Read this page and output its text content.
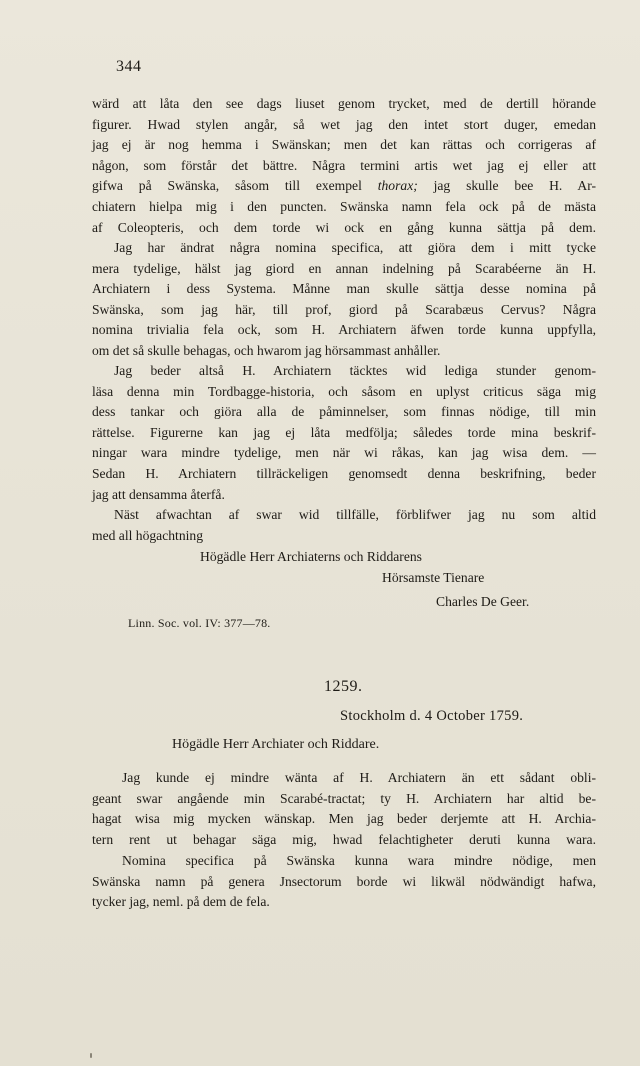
344
wärd att låta den see dags liuset genom trycket, med de dertill hörande
figurer. Hwad stylen angår, så wet jag den intet stort duger, emedan
jag ej är nog hemma i Swänskan; men det kan rättas och corrigeras af
någon, som förstår det bättre. Några termini artis wet jag ej eller att
gifwa på Swänska, såsom till exempel thorax; jag skulle bee H. Ar-
chiatern hielpa mig i den puncten. Swänska namn fela ock på de mästa
af Coleopteris, och dem torde wi ock en gång kunna sättja på dem.
Jag har ändrat några nomina specifica, att giöra dem i mitt tycke
mera tydelige, hälst jag giord en annan indelning på Scarabéerne än H.
Archiatern i dess Systema. Månne man skulle sättja desse nomina på
Swänska, som jag här, till prof, giord på Scarabæus Cervus? Några
nomina trivialia fela ock, som H. Archiatern äfwen torde kunna uppfylla,
om det så skulle behagas, och hwarom jag hörsammast anhåller.
Jag beder altså H. Archiatern täcktes wid lediga stunder genom-
läsa denna min Tordbagge-historia, och såsom en uplyst criticus säga mig
dess tankar och giöra alla de påminnelser, som finnas nödige, till min
rättelse. Figurerne kan jag ej låta medfölja; således torde mina beskrif-
ningar wara mindre tydelige, men när wi råkas, kan jag wisa dem. —
Sedan H. Archiatern tillräckeligen genomsedt denna beskrifning, beder
jag att densamma återfå.
Näst afwachtan af swar wid tillfälle, förblifwer jag nu som altid
med all högachtning
Högädle Herr Archiaterns och Riddarens
Hörsamste Tienare
Charles De Geer.
Linn. Soc. vol. IV: 377—78.
1259.
Stockholm d. 4 October 1759.
Högädle Herr Archiater och Riddare.
Jag kunde ej mindre wänta af H. Archiatern än ett sådant obli-
geant swar angående min Scarabé-tractat; ty H. Archiatern har altid be-
hagat wisa mig mycken wänskap. Men jag beder derjemte att H. Archia-
tern rent ut behagar säga mig, hwad felachtigheter deruti kunna wara.
Nomina specifica på Swänska kunna wara mindre nödige, men
Swänska namn på genera Jnsectorum borde wi likwäl nödwändigt hafwa,
tycker jag, neml. på dem de fela.
